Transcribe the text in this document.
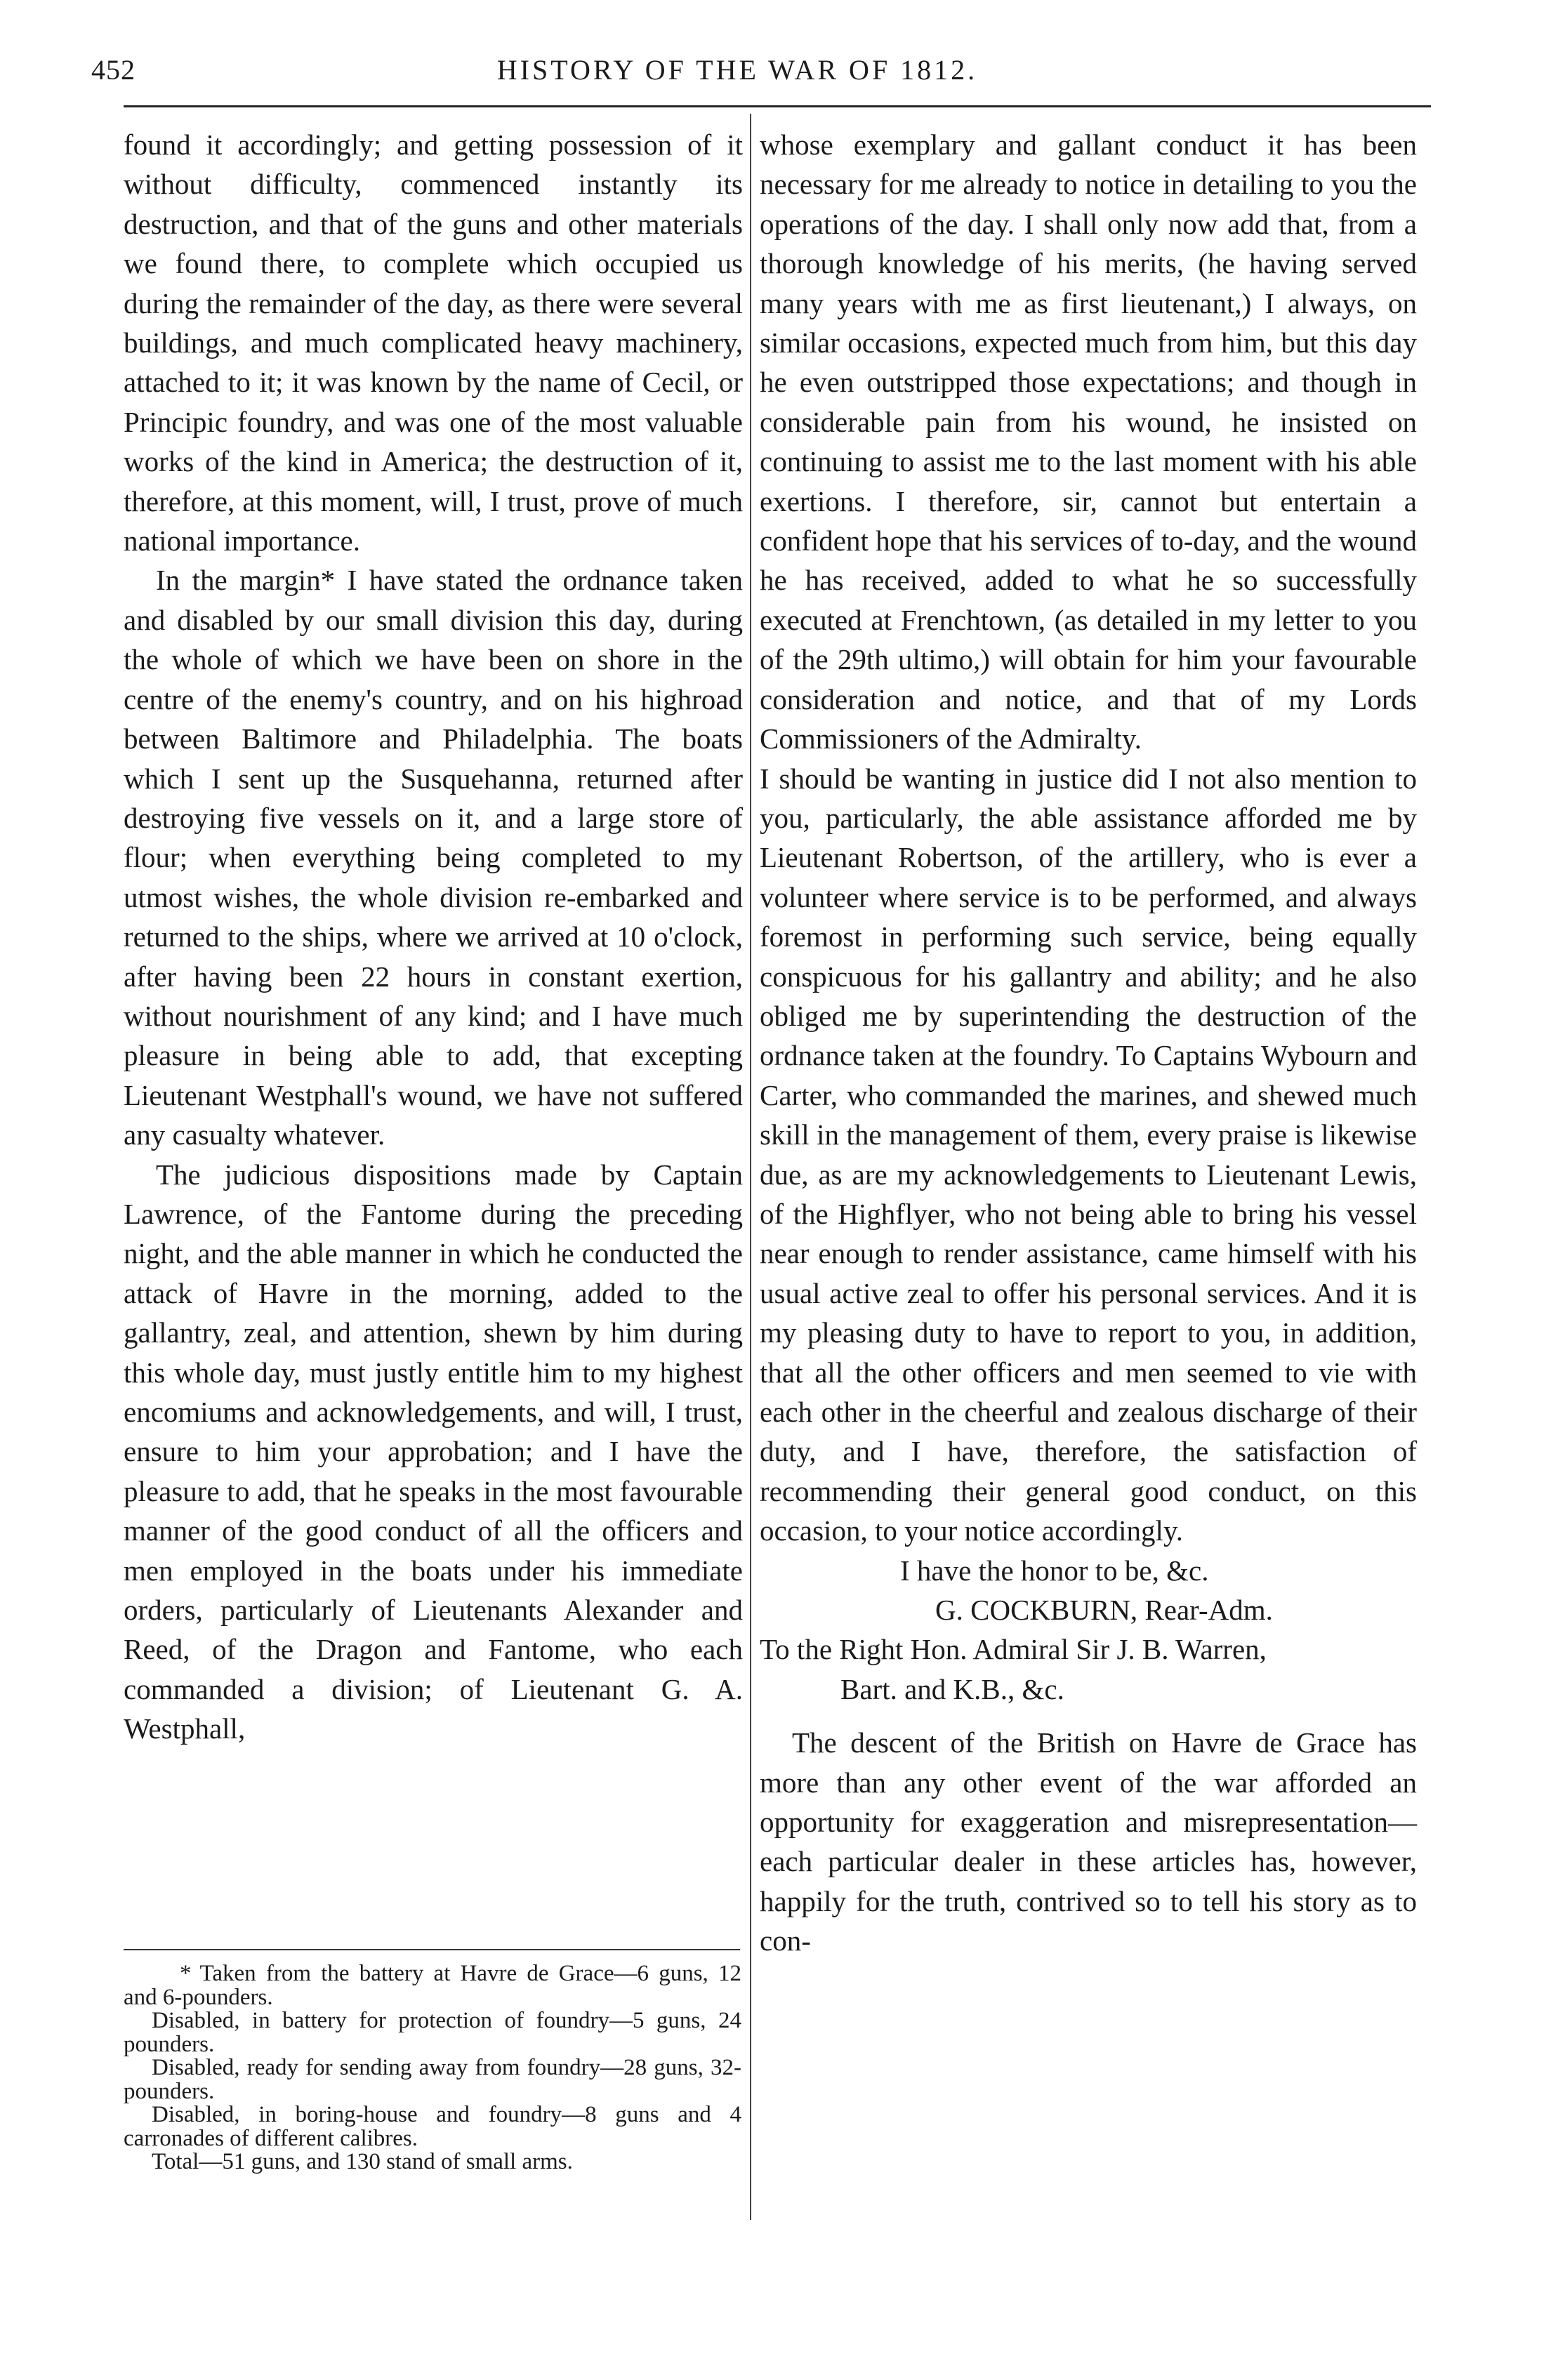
452	HISTORY OF THE WAR OF 1812.

found it accordingly; and getting possession of it without difficulty, commenced instantly its destruction, and that of the guns and other materials we found there, to complete which occupied us during the remainder of the day, as there were several buildings, and much complicated heavy machinery, attached to it; it was known by the name of Cecil, or Principic foundry, and was one of the most valuable works of the kind in America; the destruction of it, therefore, at this moment, will, I trust, prove of much national importance.

In the margin* I have stated the ordnance taken and disabled by our small division this day, during the whole of which we have been on shore in the centre of the enemy's country, and on his highroad between Baltimore and Philadelphia. The boats which I sent up the Susquehanna, returned after destroying five vessels on it, and a large store of flour; when everything being completed to my utmost wishes, the whole division re-embarked and returned to the ships, where we arrived at 10 o'clock, after having been 22 hours in constant exertion, without nourishment of any kind; and I have much pleasure in being able to add, that excepting Lieutenant Westphall's wound, we have not suffered any casualty whatever.

The judicious dispositions made by Captain Lawrence, of the Fantome during the preceding night, and the able manner in which he conducted the attack of Havre in the morning, added to the gallantry, zeal, and attention, shewn by him during this whole day, must justly entitle him to my highest encomiums and acknowledgements, and will, I trust, ensure to him your approbation; and I have the pleasure to add, that he speaks in the most favourable manner of the good conduct of all the officers and men employed in the boats under his immediate orders, particularly of Lieutenants Alexander and Reed, of the Dragon and Fantome, who each commanded a division; of Lieutenant G. A. Westphall,

whose exemplary and gallant conduct it has been necessary for me already to notice in detailing to you the operations of the day. I shall only now add that, from a thorough knowledge of his merits, (he having served many years with me as first lieutenant,) I always, on similar occasions, expected much from him, but this day he even outstripped those expectations; and though in considerable pain from his wound, he insisted on continuing to assist me to the last moment with his able exertions. I therefore, sir, cannot but entertain a confident hope that his services of to-day, and the wound he has received, added to what he so successfully executed at Frenchtown, (as detailed in my letter to you of the 29th ultimo,) will obtain for him your favourable consideration and notice, and that of my Lords Commissioners of the Admiralty.

I should be wanting in justice did I not also mention to you, particularly, the able assistance afforded me by Lieutenant Robertson, of the artillery, who is ever a volunteer where service is to be performed, and always foremost in performing such service, being equally conspicuous for his gallantry and ability; and he also obliged me by superintending the destruction of the ordnance taken at the foundry. To Captains Wybourn and Carter, who commanded the marines, and shewed much skill in the management of them, every praise is likewise due, as are my acknowledgements to Lieutenant Lewis, of the Highflyer, who not being able to bring his vessel near enough to render assistance, came himself with his usual active zeal to offer his personal services. And it is my pleasing duty to have to report to you, in addition, that all the other officers and men seemed to vie with each other in the cheerful and zealous discharge of their duty, and I have, therefore, the satisfaction of recommending their general good conduct, on this occasion, to your notice accordingly.

I have the honor to be, &c.

G. COCKBURN, Rear-Adm.

To the Right Hon. Admiral Sir J. B. Warren,

Bart. and K.B., &c.

The descent of the British on Havre de Grace has more than any other event of the war afforded an opportunity for exaggeration and misrepresentation—each particular dealer in these articles has, however, happily for the truth, contrived so to tell his story as to con-

* Taken from the battery at Havre de Grace—6 guns, 12 and 6-pounders.

Disabled, in battery for protection of foundry—5 guns, 24 pounders.

Disabled, ready for sending away from foundry—28 guns, 32-pounders.

Disabled, in boring-house and foundry—8 guns and 4 carronades of different calibres.

Total—51 guns, and 130 stand of small arms.
